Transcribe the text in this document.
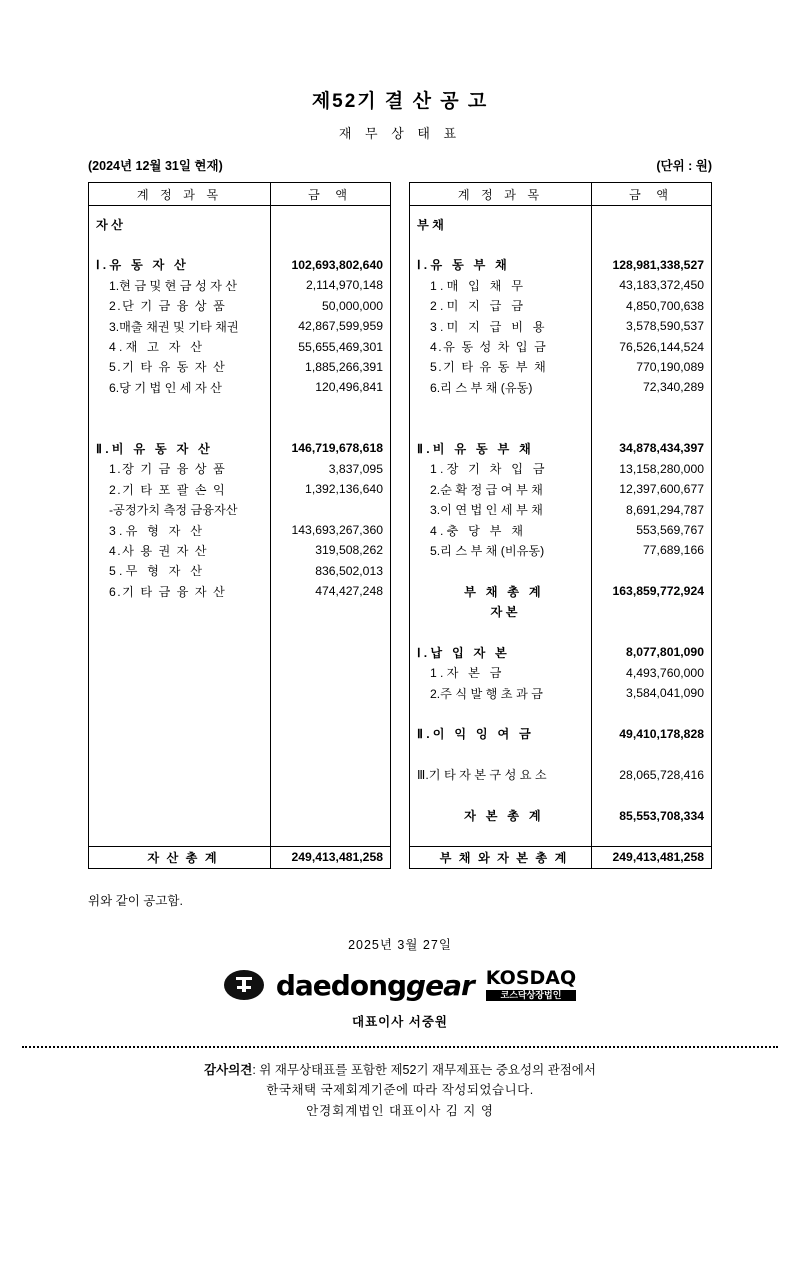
제52기 결 산 공 고
재 무 상 태 표
(2024년 12월 31일 현재)	(단위 : 원)
계 정 과 목	금 액
자 산	

Ⅰ.유 동 자 산	102,693,802,640
1.현 금 및 현 금 성 자 산	2,114,970,148
2.단 기 금 융 상 품	50,000,000
3.매출 채권 및 기타 채권	42,867,599,959
4.재 고 자 산	55,655,469,301
5.기 타 유 동 자 산	1,885,266,391
6.당 기 법 인 세 자 산	120,496,841

Ⅱ.비 유 동 자 산	146,719,678,618
1.장 기 금 융 상 품	3,837,095
2.기 타 포 괄 손 익	1,392,136,640
-공정가치 측정 금융자산	
3.유 형 자 산	143,693,267,360
4.사 용 권 자 산	319,508,262
5.무 형 자 산	836,502,013
6.기 타 금 융 자 산	474,427,248

자 산 총 계	249,413,481,258
계 정 과 목	금 액
부 채	

Ⅰ.유 동 부 채	128,981,338,527
1.매 입 채 무	43,183,372,450
2.미 지 급 금	4,850,700,638
3.미 지 급 비 용	3,578,590,537
4.유 동 성 차 입 금	76,526,144,524
5.기 타 유 동 부 채	770,190,089
6.리 스 부 채 (유동)	72,340,289

Ⅱ.비 유 동 부 채	34,878,434,397
1.장 기 차 입 금	13,158,280,000
2.순 확 정 급 여 부 채	12,397,600,677
3.이 연 법 인 세 부 채	8,691,294,787
4.충 당 부 채	553,569,767
5.리 스 부 채 (비유동)	77,689,166

부 채 총 계	163,859,772,924
자 본	

Ⅰ.납 입 자 본	8,077,801,090
1.자 본 금	4,493,760,000
2.주 식 발 행 초 과 금	3,584,041,090

Ⅱ.이 익 잉 여 금	49,410,178,828

Ⅲ.기 타 자 본 구 성 요 소	28,065,728,416

자 본 총 계	85,553,708,334

부 채 와 자 본 총 계	249,413,481,258
위와 같이 공고함.
2025년 3월 27일
daedonggear KOSDAQ
코스닥상장법인
대표이사 서중원
감사의견: 위 재무상태표를 포함한 제52기 재무제표는 중요성의 관점에서
한국채택 국제회계기준에 따라 작성되었습니다.
안경회계법인 대표이사 김 지 영
